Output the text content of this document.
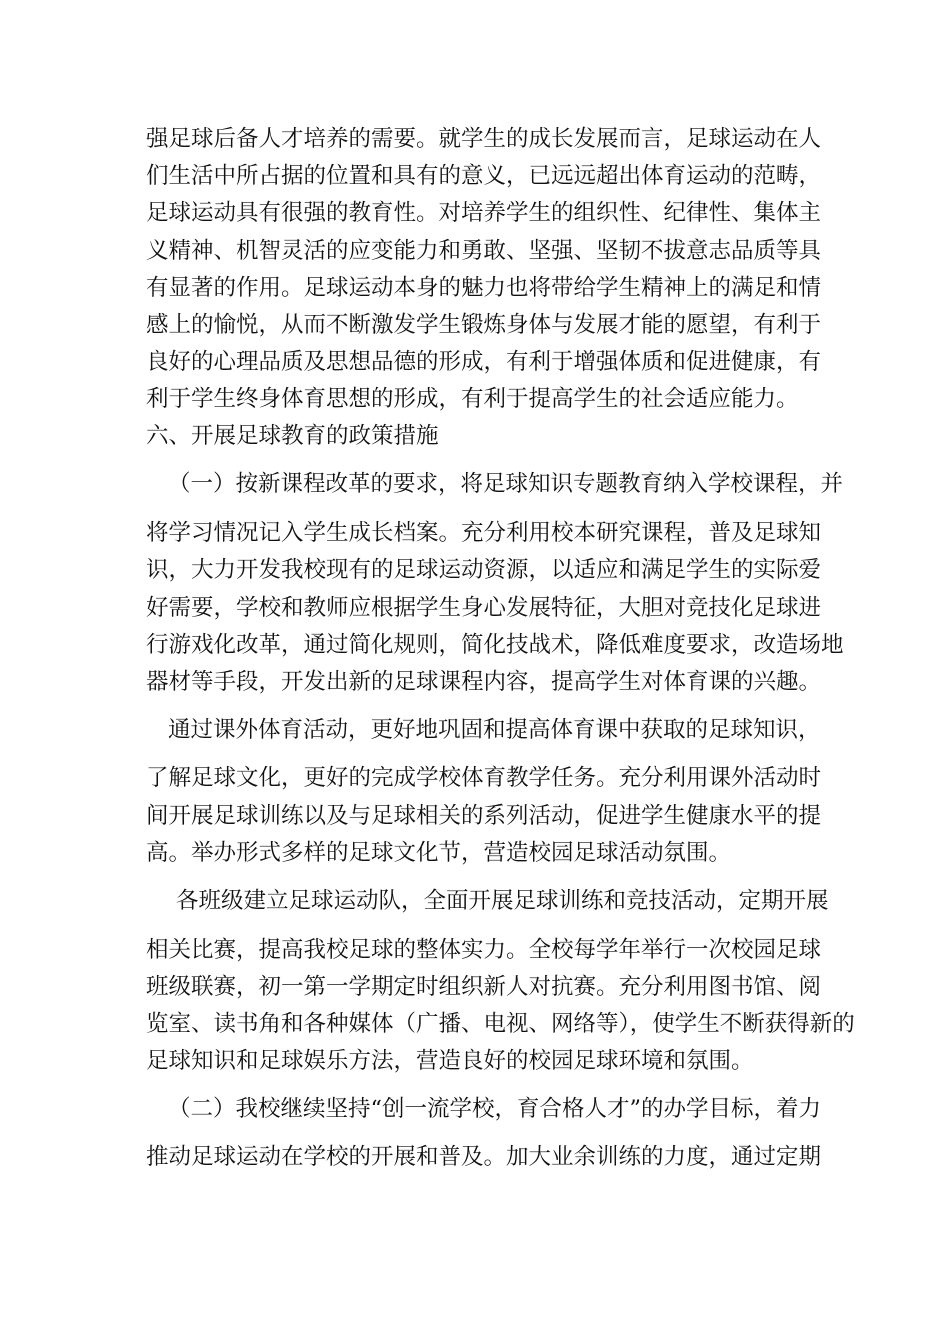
强足球后备人才培养的需要。就学生的成长发展而言，足球运动在人
们生活中所占据的位置和具有的意义，已远远超出体育运动的范畴，
足球运动具有很强的教育性。对培养学生的组织性、纪律性、集体主
义精神、机智灵活的应变能力和勇敢、坚强、坚韧不拔意志品质等具
有显著的作用。足球运动本身的魅力也将带给学生精神上的满足和情
感上的愉悦，从而不断激发学生锻炼身体与发展才能的愿望，有利于
良好的心理品质及思想品德的形成，有利于增强体质和促进健康，有
利于学生终身体育思想的形成，有利于提高学生的社会适应能力。
六、开展足球教育的政策措施
（一）按新课程改革的要求，将足球知识专题教育纳入学校课程，并
将学习情况记入学生成长档案。充分利用校本研究课程，普及足球知
识，大力开发我校现有的足球运动资源，以适应和满足学生的实际爱
好需要，学校和教师应根据学生身心发展特征，大胆对竞技化足球进
行游戏化改革，通过简化规则，简化技战术，降低难度要求，改造场地
器材等手段，开发出新的足球课程内容，提高学生对体育课的兴趣。
通过课外体育活动，更好地巩固和提高体育课中获取的足球知识，
了解足球文化，更好的完成学校体育教学任务。充分利用课外活动时
间开展足球训练以及与足球相关的系列活动，促进学生健康水平的提
高。举办形式多样的足球文化节，营造校园足球活动氛围。
各班级建立足球运动队，全面开展足球训练和竞技活动，定期开展
相关比赛，提高我校足球的整体实力。全校每学年举行一次校园足球
班级联赛，初一第一学期定时组织新人对抗赛。充分利用图书馆、阅
览室、读书角和各种媒体（广播、电视、网络等），使学生不断获得新的
足球知识和足球娱乐方法，营造良好的校园足球环境和氛围。
（二）我校继续坚持“创一流学校，育合格人才”的办学目标，着力
推动足球运动在学校的开展和普及。加大业余训练的力度，通过定期
